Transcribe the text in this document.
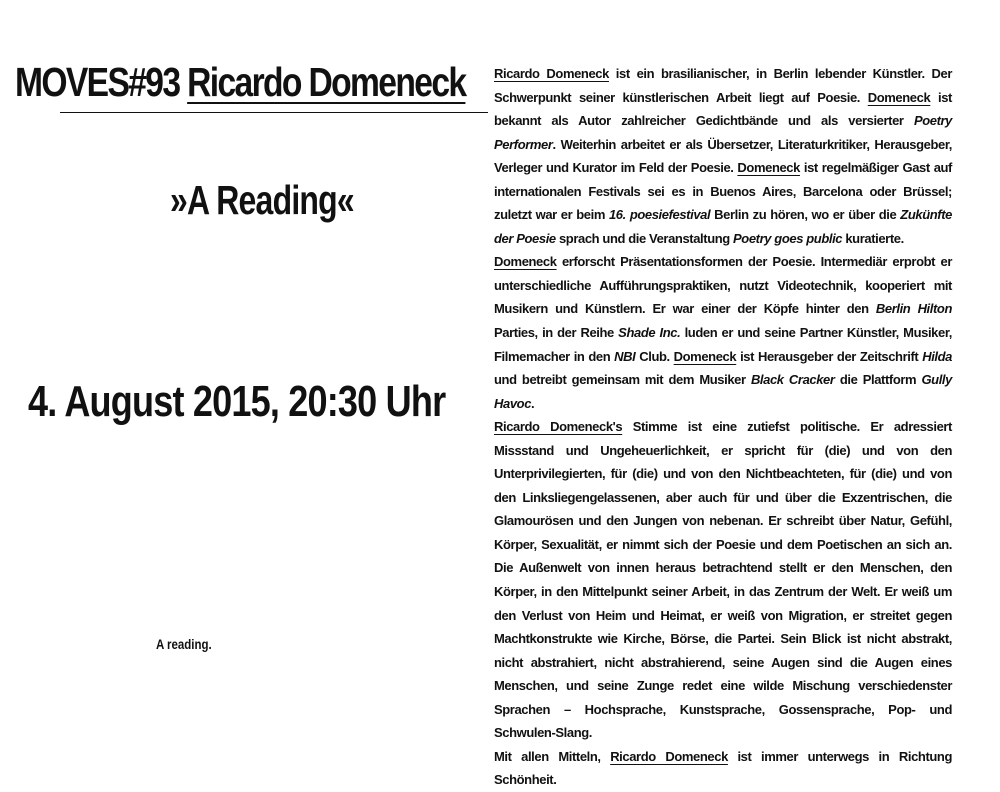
MOVES#93 Ricardo Domeneck
»A Reading«
4. August 2015, 20:30 Uhr
A reading.

Ricardo Domeneck ist ein brasilianischer, in Berlin lebender Künstler. Der Schwerpunkt seiner künstlerischen Arbeit liegt auf Poesie. Domeneck ist bekannt als Autor zahlreicher Gedichtbände und als versierter Poetry Performer. Weiterhin arbeitet er als Übersetzer, Literaturkritiker, Herausgeber, Verleger und Kurator im Feld der Poesie. Domeneck ist regelmäßiger Gast auf internationalen Festivals sei es in Buenos Aires, Barcelona oder Brüssel; zuletzt war er beim 16. poesiefestival Berlin zu hören, wo er über die Zukünfte der Poesie sprach und die Veranstaltung Poetry goes public kuratierte.

Domeneck erforscht Präsentationsformen der Poesie. Intermediär erprobt er unterschiedliche Aufführungspraktiken, nutzt Videotechnik, kooperiert mit Musikern und Künstlern. Er war einer der Köpfe hinter den Berlin Hilton Parties, in der Reihe Shade Inc. luden er und seine Partner Künstler, Musiker, Filmemacher in den NBI Club. Domeneck ist Herausgeber der Zeitschrift Hilda und betreibt gemeinsam mit dem Musiker Black Cracker die Plattform Gully Havoc.

Ricardo Domeneck's Stimme ist eine zutiefst politische. Er adressiert Missstand und Ungeheuerlichkeit, er spricht für (die) und von den Unterprivilegierten, für (die) und von den Nichtbeachteten, für (die) und von den Linksliegengelassenen, aber auch für und über die Exzentrischen, die Glamourösen und den Jungen von nebenan. Er schreibt über Natur, Gefühl, Körper, Sexualität, er nimmt sich der Poesie und dem Poetischen an sich an. Die Außenwelt von innen heraus betrachtend stellt er den Menschen, den Körper, in den Mittelpunkt seiner Arbeit, in das Zentrum der Welt. Er weiß um den Verlust von Heim und Heimat, er weiß von Migration, er streitet gegen Machtkonstrukte wie Kirche, Börse, die Partei. Sein Blick ist nicht abstrakt, nicht abstrahiert, nicht abstrahierend, seine Augen sind die Augen eines Menschen, und seine Zunge redet eine wilde Mischung verschiedenster Sprachen – Hochsprache, Kunstsprache, Gossensprache, Pop- und Schwulen-Slang.

Mit allen Mitteln, Ricardo Domeneck ist immer unterwegs in Richtung Schönheit.
